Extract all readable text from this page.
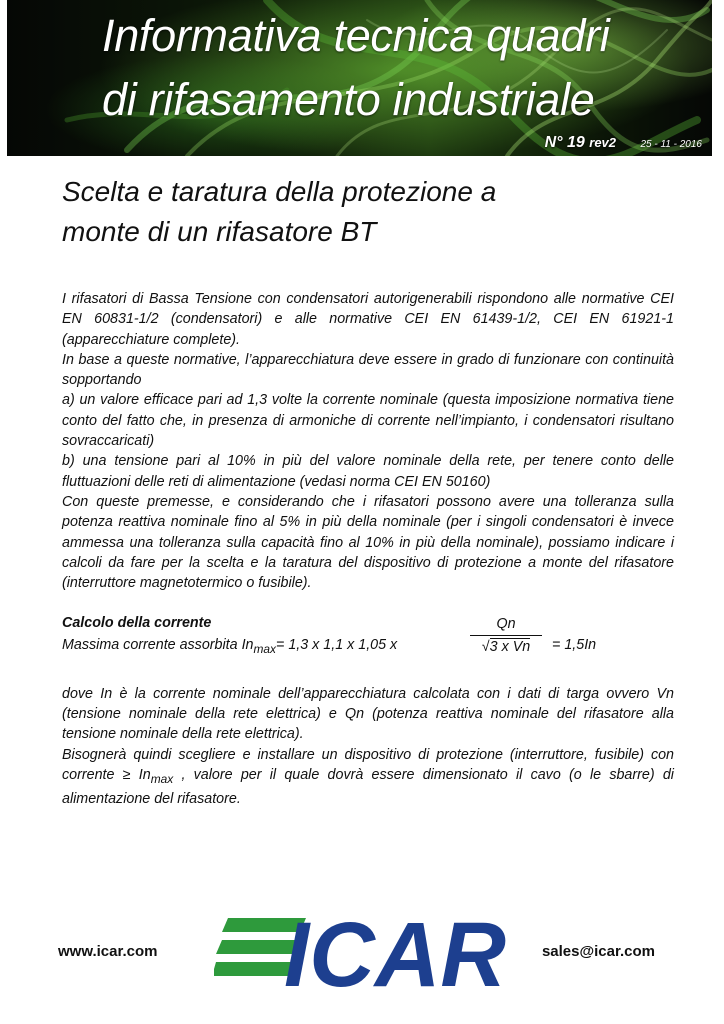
Informativa tecnica quadri
di rifasamento industriale
N° 19 rev2 25 - 11 - 2016
Scelta e taratura della protezione a
monte di un rifasatore BT

I rifasatori di Bassa Tensione con condensatori autorigenerabili rispondono alle normative CEI EN 60831-1/2 (condensatori) e alle normative CEI EN 61439-1/2, CEI EN 61921-1 (apparecchiature complete).

In base a queste normative, l’apparecchiatura deve essere in grado di funzionare con continuità sopportando

a) un valore efficace pari ad 1,3 volte la corrente nominale (questa imposizione normativa tiene conto del fatto che, in presenza di armoniche di corrente nell’impianto, i condensatori risultano sovraccaricati)

b) una tensione pari al 10% in più del valore nominale della rete, per tenere conto delle fluttuazioni delle reti di alimentazione (vedasi norma CEI EN 50160)

Con queste premesse, e considerando che i rifasatori possono avere una tolleranza sulla potenza reattiva nominale fino al 5% in più della nominale (per i singoli condensatori è invece ammessa una tolleranza sulla capacità fino al 10% in più della nominale), possiamo indicare i calcoli da fare per la scelta e la taratura del dispositivo di protezione a monte del rifasatore (interruttore magnetotermico o fusibile).

Calcolo della corrente

Massima corrente assorbita $In_{max}= 1,3$ x 1,1 x 1,05 x
Qn
√3 x Vn	= 1,5In

dove In è la corrente nominale dell’apparecchiatura calcolata con i dati di targa ovvero Vn (tensione nominale della rete elettrica) e Qn (potenza reattiva nominale del rifasatore alla tensione nominale della rete elettrica).

Bisognerà quindi scegliere e installare un dispositivo di protezione (interruttore, fusibile) con corrente ≥ $In_{max}$ , valore per il quale dovrà essere dimensionato il cavo (o le sbarre) di alimentazione del rifasatore.

www.icar.com ICAR sales@icar.com
